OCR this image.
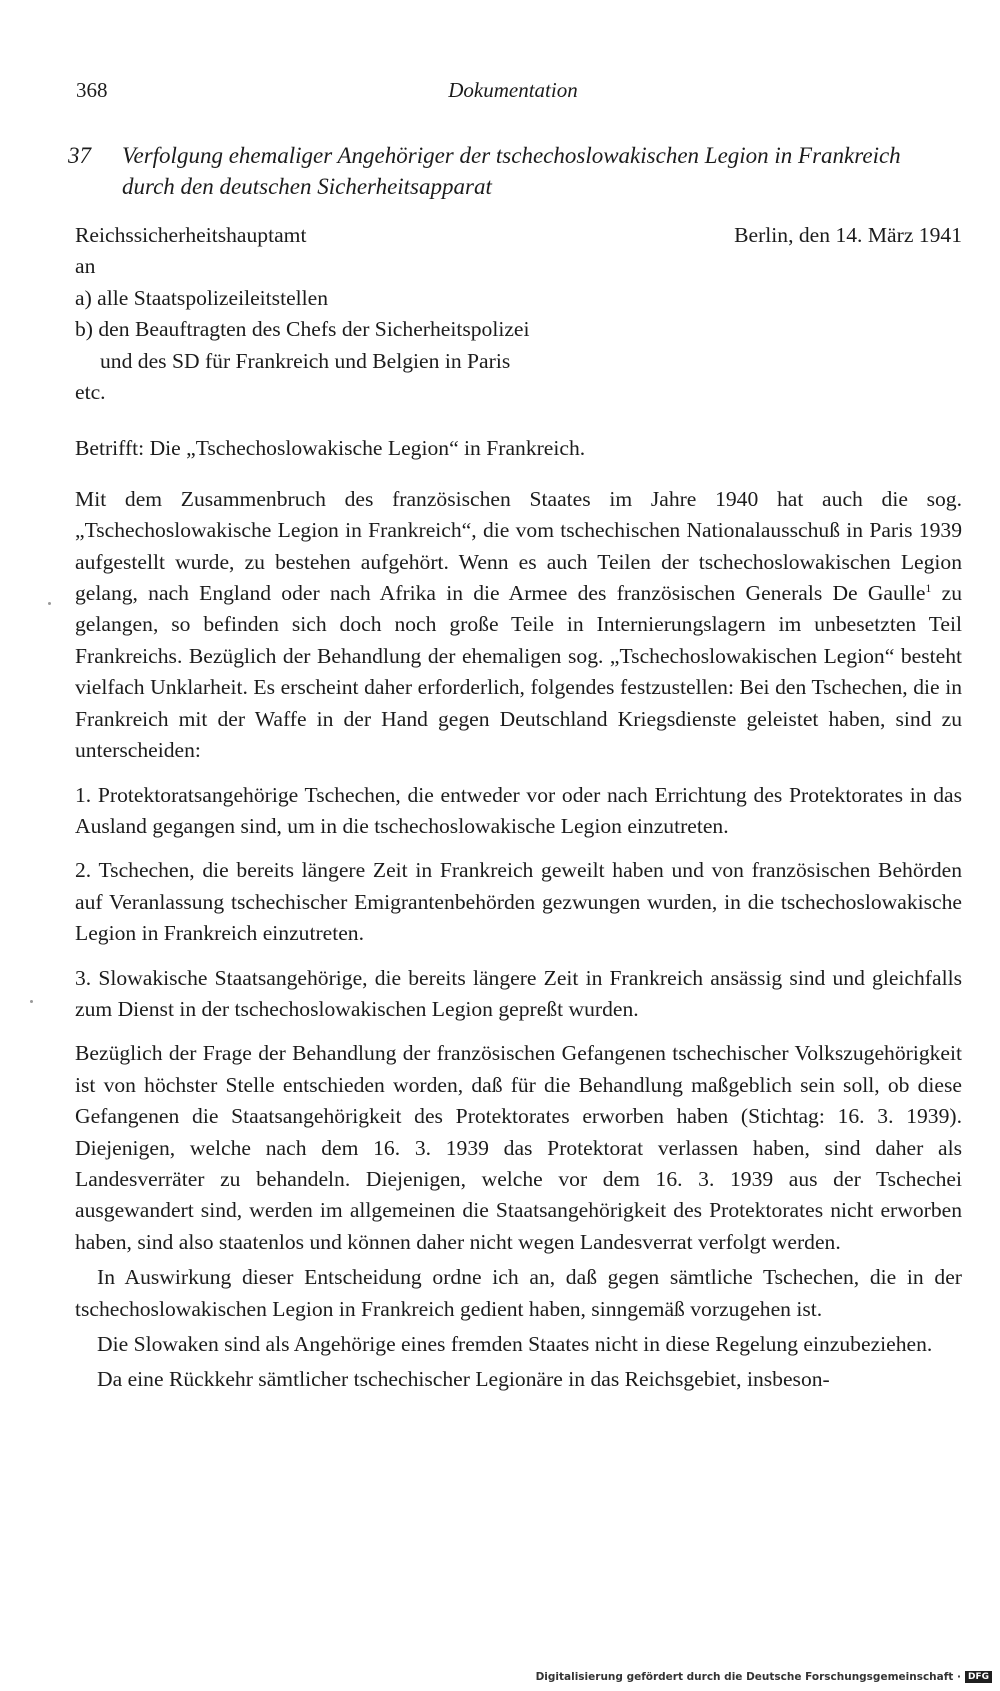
368	Dokumentation
37 Verfolgung ehemaliger Angehöriger der tschechoslowakischen Legion in Frankreich
durch den deutschen Sicherheitsapparat
Reichssicherheitshauptamt	Berlin, den 14. März 1941
an
a) alle Staatspolizeileitstellen
b) den Beauftragten des Chefs der Sicherheitspolizei
und des SD für Frankreich und Belgien in Paris
etc.
Betrifft: Die „Tschechoslowakische Legion“ in Frankreich.

Mit dem Zusammenbruch des französischen Staates im Jahre 1940 hat auch die sog. „Tschechoslowakische Legion in Frankreich“, die vom tschechischen Nationalausschuß in Paris 1939 aufgestellt wurde, zu bestehen aufgehört. Wenn es auch Teilen der tschechoslowakischen Legion gelang, nach England oder nach Afrika in die Armee des französischen Generals De Gaulle$^1$ zu gelangen, so befinden sich doch noch große Teile in Internierungslagern im unbesetzten Teil Frankreichs. Bezüglich der Behandlung der ehemaligen sog. „Tschechoslowakischen Legion“ besteht vielfach Unklarheit. Es erscheint daher erforderlich, folgendes festzustellen: Bei den Tschechen, die in Frankreich mit der Waffe in der Hand gegen Deutschland Kriegsdienste geleistet haben, sind zu unterscheiden:

1. Protektoratsangehörige Tschechen, die entweder vor oder nach Errichtung des Protektorates in das Ausland gegangen sind, um in die tschechoslowakische Legion einzutreten.

2. Tschechen, die bereits längere Zeit in Frankreich geweilt haben und von französischen Behörden auf Veranlassung tschechischer Emigrantenbehörden gezwungen wurden, in die tschechoslowakische Legion in Frankreich einzutreten.

3. Slowakische Staatsangehörige, die bereits längere Zeit in Frankreich ansässig sind und gleichfalls zum Dienst in der tschechoslowakischen Legion gepreßt wurden.

Bezüglich der Frage der Behandlung der französischen Gefangenen tschechischer Volkszugehörigkeit ist von höchster Stelle entschieden worden, daß für die Behandlung maßgeblich sein soll, ob diese Gefangenen die Staatsangehörigkeit des Protektorates erworben haben (Stichtag: 16. 3. 1939). Diejenigen, welche nach dem 16. 3. 1939 das Protektorat verlassen haben, sind daher als Landesverräter zu behandeln. Diejenigen, welche vor dem 16. 3. 1939 aus der Tschechei ausgewandert sind, werden im allgemeinen die Staatsangehörigkeit des Protektorates nicht erworben haben, sind also staatenlos und können daher nicht wegen Landesverrat verfolgt werden.

In Auswirkung dieser Entscheidung ordne ich an, daß gegen sämtliche Tschechen, die in der tschechoslowakischen Legion in Frankreich gedient haben, sinngemäß vorzugehen ist.

Die Slowaken sind als Angehörige eines fremden Staates nicht in diese Regelung einzubeziehen.

Da eine Rückkehr sämtlicher tschechischer Legionäre in das Reichsgebiet, insbeson-

Digitalisierung gefördert durch die Deutsche Forschungsgemeinschaft · DFG
